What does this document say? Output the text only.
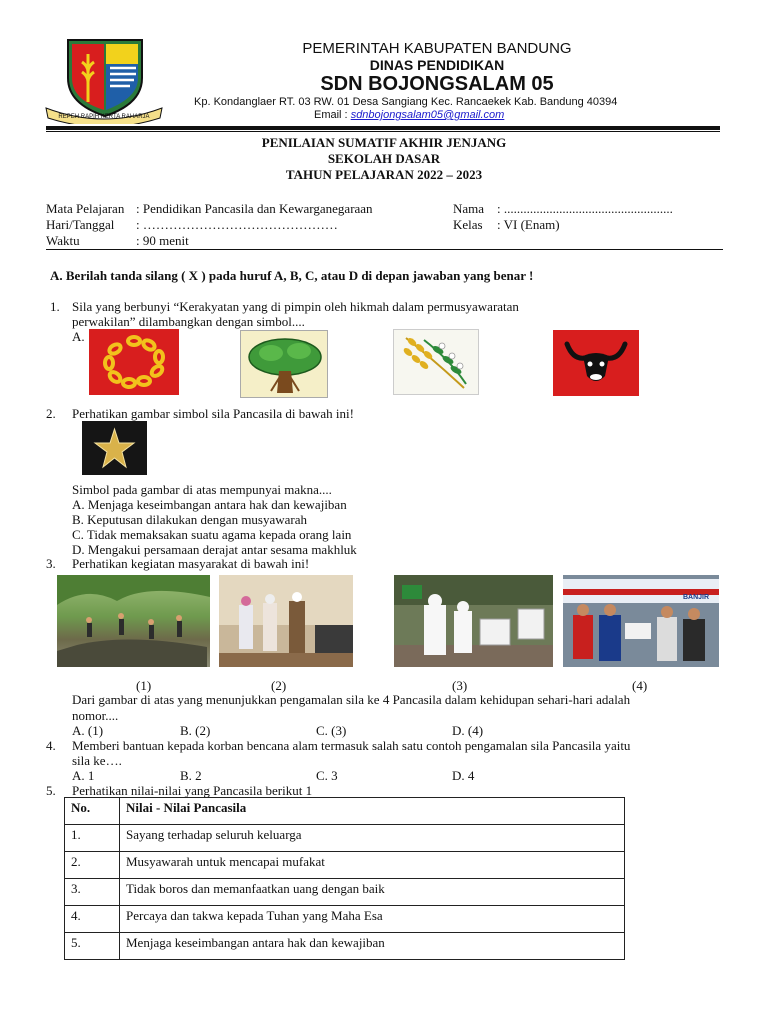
REPEH RAPIH KERTA RAHARJA
PEMERINTAH KABUPATEN BANDUNG
DINAS PENDIDIKAN
SDN BOJONGSALAM 05
Kp. Kondanglaer RT. 03 RW. 01 Desa Sangiang Kec. Rancaekek Kab. Bandung 40394
Email : sdnbojongsalam05@gmail.com
PENILAIAN SUMATIF AKHIR JENJANG
SEKOLAH DASAR
TAHUN PELAJARAN 2022 – 2023
Mata Pelajaran : Pendidikan Pancasila dan Kewarganegaraan
Hari/Tanggal : ………………………………………
Waktu	: 90 menit
Nama : ....................................................
Kelas : VI (Enam)
A. Berilah tanda silang ( X ) pada huruf A, B, C, atau D di depan jawaban yang benar !
1. Sila yang berbunyi “Kerakyatan yang di pimpin oleh hikmah dalam permusyawaratan
perwakilan” dilambangkan dengan simbol....
A.
2. Perhatikan gambar simbol sila Pancasila di bawah ini!
Simbol pada gambar di atas mempunyai makna....
A. Menjaga keseimbangan antara hak dan kewajiban
B. Keputusan dilakukan dengan musyawarah
C. Tidak memaksakan suatu agama kepada orang lain
D. Mengakui persamaan derajat antar sesama makhluk
3. Perhatikan kegiatan masyarakat di bawah ini!
BANJIR
(1)	(2)	(3)	(4)
Dari gambar di atas yang menunjukkan pengamalan sila ke 4 Pancasila dalam kehidupan sehari-hari adalah
nomor....
A. (1)	B. (2)	C. (3)	D. (4)
4. Memberi bantuan kepada korban bencana alam termasuk salah satu contoh pengamalan sila Pancasila yaitu
sila ke….
A. 1	B. 2	C. 3	D. 4
5. Perhatikan nilai-nilai yang Pancasila berikut 1
No.	Nilai - Nilai Pancasila
1.	Sayang terhadap seluruh keluarga
2.	Musyawarah untuk mencapai mufakat
3.	Tidak boros dan memanfaatkan uang dengan baik
4.	Percaya dan takwa kepada Tuhan yang Maha Esa
5.	Menjaga keseimbangan antara hak dan kewajiban
